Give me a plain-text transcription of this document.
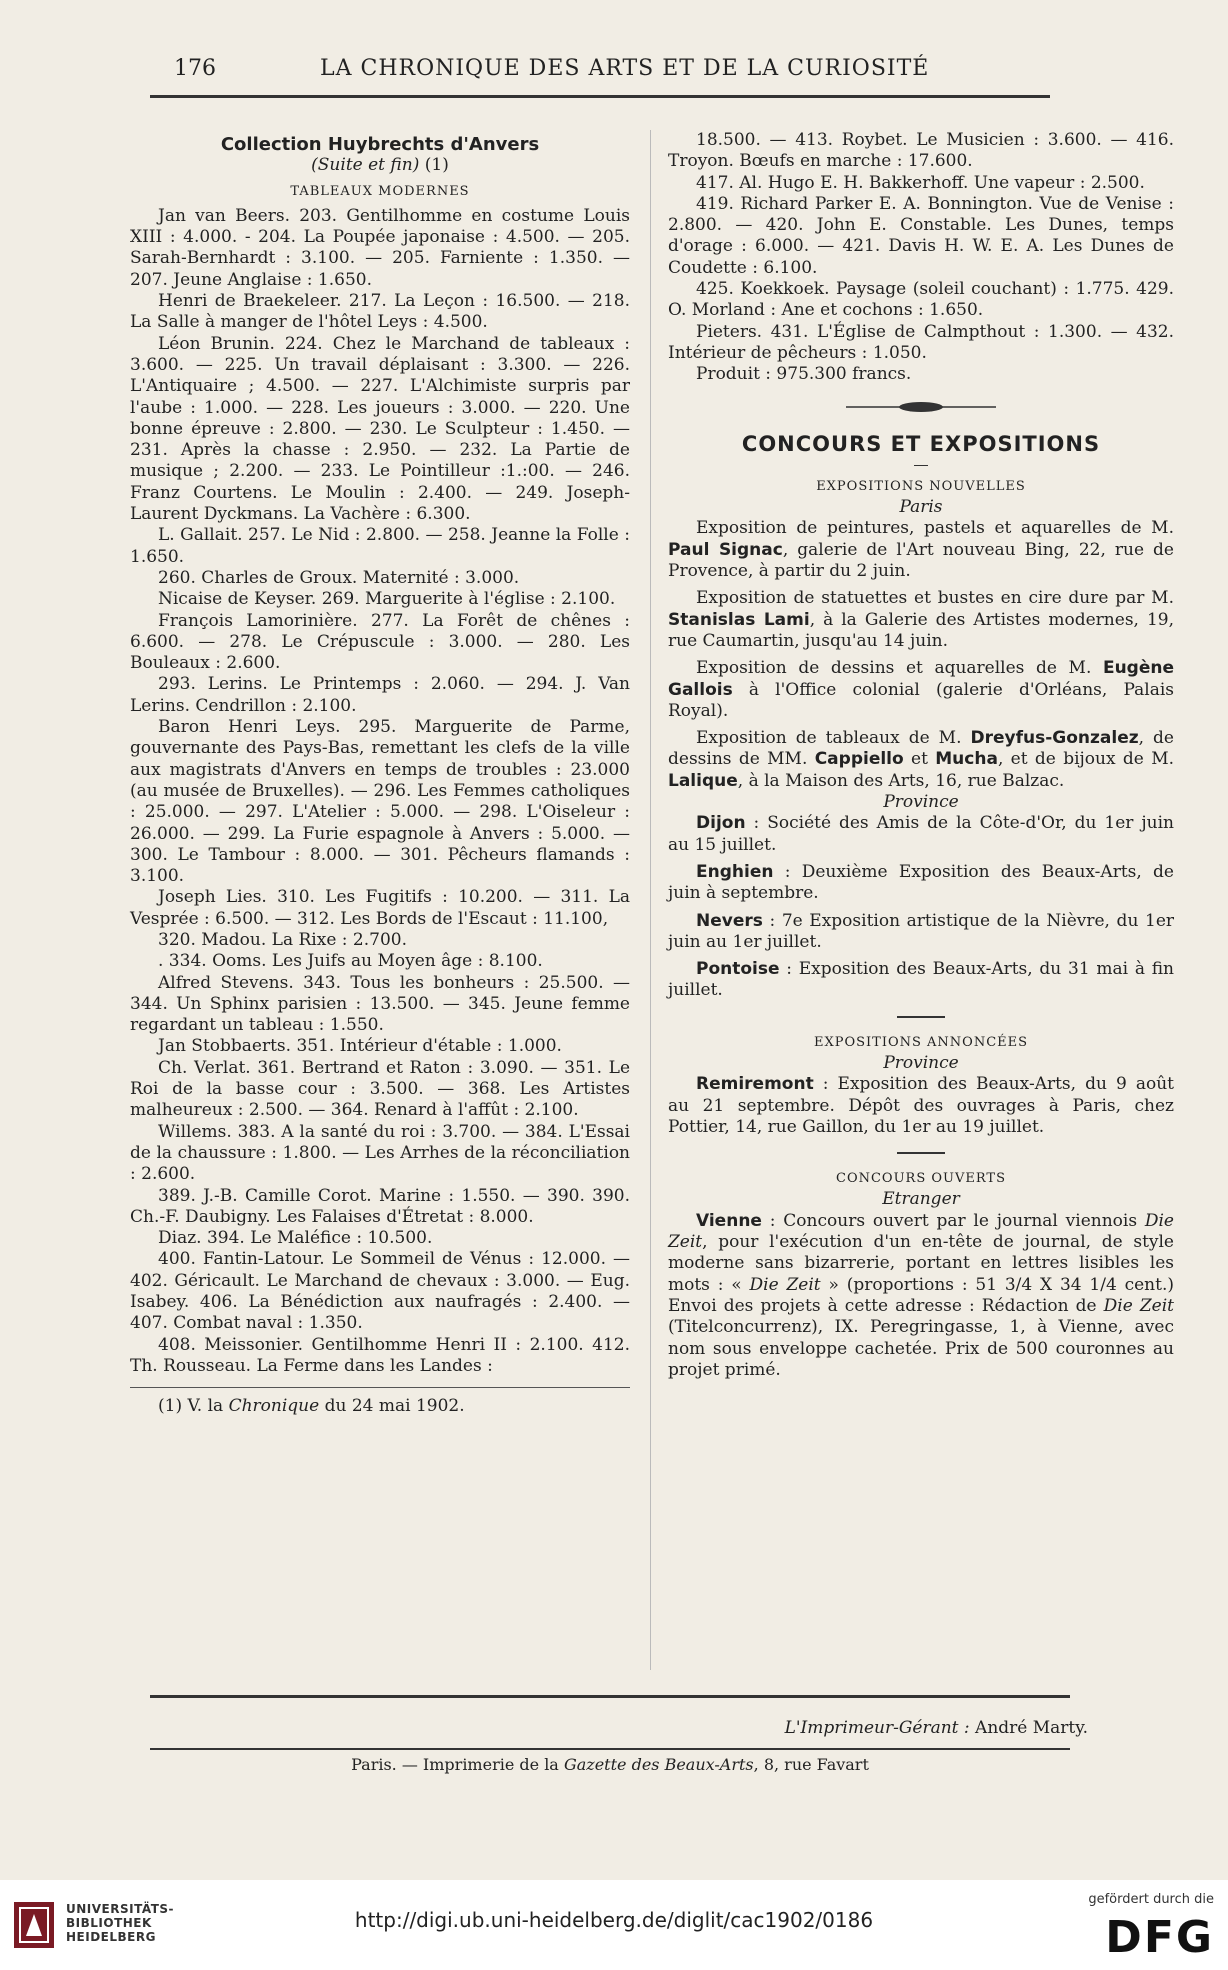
176	LA CHRONIQUE DES ARTS ET DE LA CURIOSITÉ

Collection Huybrechts d'Anvers

(Suite et fin) (1)

TABLEAUX MODERNES

Jan van Beers. 203. Gentilhomme en costume Louis XIII : 4.000. - 204. La Poupée japonaise : 4.500. — 205. Sarah-Bernhardt : 3.100. — 205. Farniente : 1.350. — 207. Jeune Anglaise : 1.650.

Henri de Braekeleer. 217. La Leçon : 16.500. — 218. La Salle à manger de l'hôtel Leys : 4.500.

Léon Brunin. 224. Chez le Marchand de tableaux : 3.600. — 225. Un travail déplaisant : 3.300. — 226. L'Antiquaire ; 4.500. — 227. L'Alchimiste surpris par l'aube : 1.000. — 228. Les joueurs : 3.000. — 220. Une bonne épreuve : 2.800. — 230. Le Sculpteur : 1.450. — 231. Après la chasse : 2.950. — 232. La Partie de musique ; 2.200. — 233. Le Pointilleur :1.:00. — 246. Franz Courtens. Le Moulin : 2.400. — 249. Joseph-Laurent Dyckmans. La Vachère : 6.300.

L. Gallait. 257. Le Nid : 2.800. — 258. Jeanne la Folle : 1.650.

260. Charles de Groux. Maternité : 3.000.

Nicaise de Keyser. 269. Marguerite à l'église : 2.100.

François Lamorinière. 277. La Forêt de chênes : 6.600. — 278. Le Crépuscule : 3.000. — 280. Les Bouleaux : 2.600.

293. Lerins. Le Printemps : 2.060. — 294. J. Van Lerins. Cendrillon : 2.100.

Baron Henri Leys. 295. Marguerite de Parme, gouvernante des Pays-Bas, remettant les clefs de la ville aux magistrats d'Anvers en temps de troubles : 23.000 (au musée de Bruxelles). — 296. Les Femmes catholiques : 25.000. — 297. L'Atelier : 5.000. — 298. L'Oiseleur : 26.000. — 299. La Furie espagnole à Anvers : 5.000. — 300. Le Tambour : 8.000. — 301. Pêcheurs flamands : 3.100.

Joseph Lies. 310. Les Fugitifs : 10.200. — 311. La Vesprée : 6.500. — 312. Les Bords de l'Escaut : 11.100,

320. Madou. La Rixe : 2.700.

. 334. Ooms. Les Juifs au Moyen âge : 8.100.

Alfred Stevens. 343. Tous les bonheurs : 25.500. — 344. Un Sphinx parisien : 13.500. — 345. Jeune femme regardant un tableau : 1.550.

Jan Stobbaerts. 351. Intérieur d'étable : 1.000.

Ch. Verlat. 361. Bertrand et Raton : 3.090. — 351. Le Roi de la basse cour : 3.500. — 368. Les Artistes malheureux : 2.500. — 364. Renard à l'affût : 2.100.

Willems. 383. A la santé du roi : 3.700. — 384. L'Essai de la chaussure : 1.800. — Les Arrhes de la réconciliation : 2.600.

389. J.-B. Camille Corot. Marine : 1.550. — 390. 390. Ch.-F. Daubigny. Les Falaises d'Étretat : 8.000.

Diaz. 394. Le Maléfice : 10.500.

400. Fantin-Latour. Le Sommeil de Vénus : 12.000. — 402. Géricault. Le Marchand de chevaux : 3.000. — Eug. Isabey. 406. La Bénédiction aux naufragés : 2.400. — 407. Combat naval : 1.350.

408. Meissonier. Gentilhomme Henri II : 2.100. 412. Th. Rousseau. La Ferme dans les Landes :

(1) V. la Chronique du 24 mai 1902.

18.500. — 413. Roybet. Le Musicien : 3.600. — 416. Troyon. Bœufs en marche : 17.600.

417. Al. Hugo E. H. Bakkerhoff. Une vapeur : 2.500.

419. Richard Parker E. A. Bonnington. Vue de Venise : 2.800. — 420. John E. Constable. Les Dunes, temps d'orage : 6.000. — 421. Davis H. W. E. A. Les Dunes de Coudette : 6.100.

425. Koekkoek. Paysage (soleil couchant) : 1.775. 429. O. Morland : Ane et cochons : 1.650.

Pieters. 431. L'Église de Calmpthout : 1.300. — 432. Intérieur de pêcheurs : 1.050.

Produit : 975.300 francs.

CONCOURS ET EXPOSITIONS

EXPOSITIONS NOUVELLES

Paris

Exposition de peintures, pastels et aquarelles de M. Paul Signac, galerie de l'Art nouveau Bing, 22, rue de Provence, à partir du 2 juin.

Exposition de statuettes et bustes en cire dure par M. Stanislas Lami, à la Galerie des Artistes modernes, 19, rue Caumartin, jusqu'au 14 juin.

Exposition de dessins et aquarelles de M. Eugène Gallois à l'Office colonial (galerie d'Orléans, Palais Royal).

Exposition de tableaux de M. Dreyfus-Gonzalez, de dessins de MM. Cappiello et Mucha, et de bijoux de M. Lalique, à la Maison des Arts, 16, rue Balzac.

Province

Dijon : Société des Amis de la Côte-d'Or, du 1er juin au 15 juillet.

Enghien : Deuxième Exposition des Beaux-Arts, de juin à septembre.

Nevers : 7e Exposition artistique de la Nièvre, du 1er juin au 1er juillet.

Pontoise : Exposition des Beaux-Arts, du 31 mai à fin juillet.

EXPOSITIONS ANNONCÉES

Province

Remiremont : Exposition des Beaux-Arts, du 9 août au 21 septembre. Dépôt des ouvrages à Paris, chez Pottier, 14, rue Gaillon, du 1er au 19 juillet.

CONCOURS OUVERTS

Etranger

Vienne : Concours ouvert par le journal viennois Die Zeit, pour l'exécution d'un en-tête de journal, de style moderne sans bizarrerie, portant en lettres lisibles les mots : « Die Zeit » (proportions : 51 3/4 X 34 1/4 cent.) Envoi des projets à cette adresse : Rédaction de Die Zeit (Titelconcurrenz), IX. Peregringasse, 1, à Vienne, avec nom sous enveloppe cachetée. Prix de 500 couronnes au projet primé.

L'Imprimeur-Gérant : André Marty.
Paris. — Imprimerie de la Gazette des Beaux-Arts, 8, rue Favart
UNIVERSITÄTS-
BIBLIOTHEK
HEIDELBERG
http://digi.ub.uni-heidelberg.de/diglit/cac1902/0186
gefördert durch die
DFG
